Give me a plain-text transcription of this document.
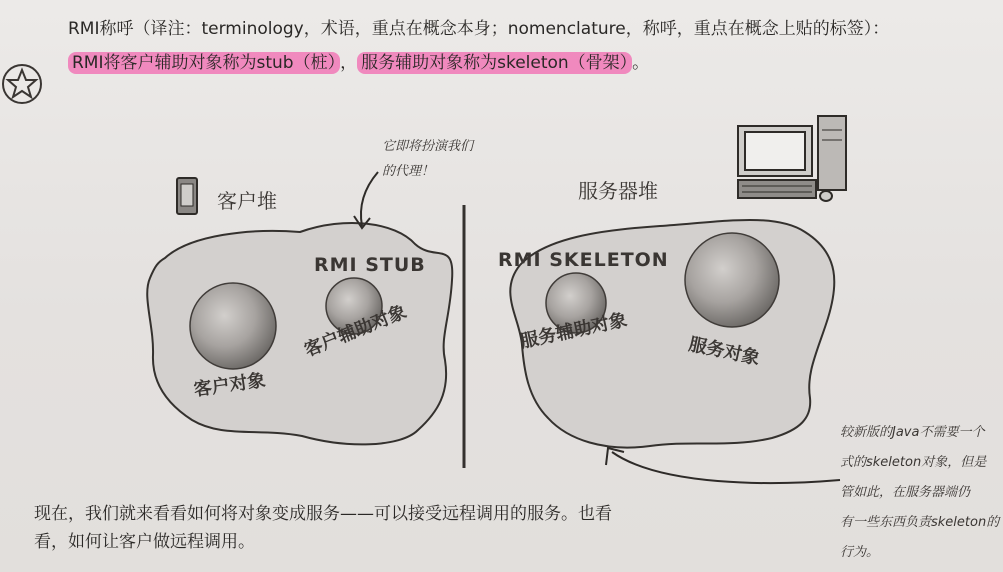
RMI称呼（译注：terminology，术语，重点在概念本身；nomenclature，称呼，重点在概念上贴的标签）：
RMI将客户辅助对象称为stub（桩） ， 服务辅助对象称为skeleton（骨架） 。
客户堆	服务器堆
它即将扮演我们
的代理！
RMI STUB	RMI SKELETON
客户辅助对象
客户对象
服务辅助对象	服务对象
较新版的Java不需要一个
式的skeleton对象，但是
管如此，在服务器端仍
有一些东西负责skeleton的
行为。
现在，我们就来看看如何将对象变成服务——可以接受远程调用的服务。也看
看，如何让客户做远程调用。
